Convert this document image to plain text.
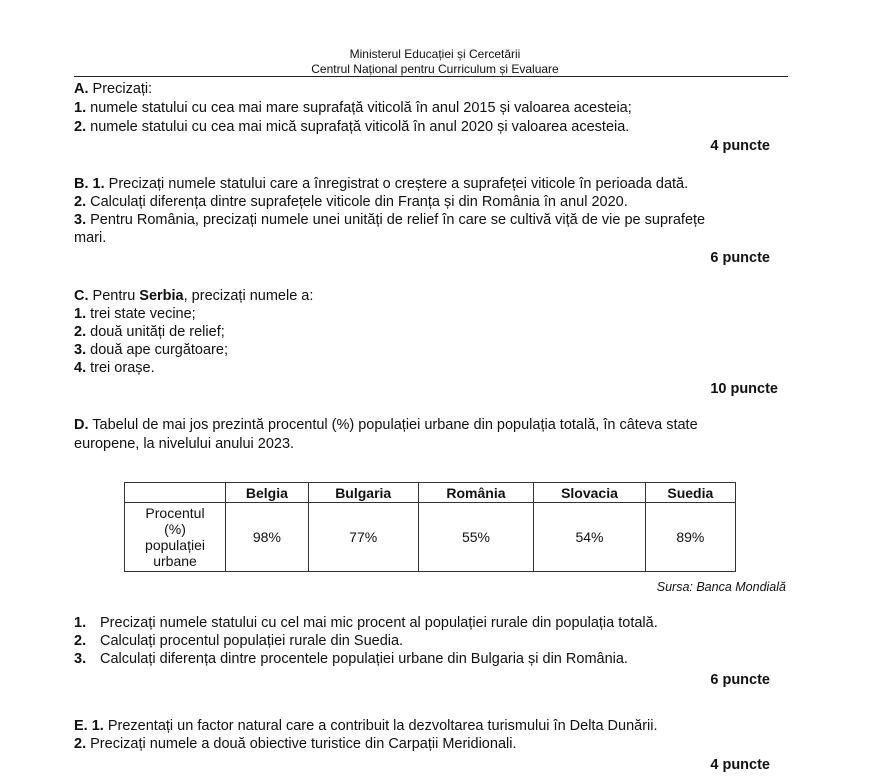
Ministerul Educației și Cercetării
Centrul Național pentru Curriculum și Evaluare
A. Precizați:
1. numele statului cu cea mai mare suprafață viticolă în anul 2015 și valoarea acesteia;
2. numele statului cu cea mai mică suprafață viticolă în anul 2020 și valoarea acesteia.
4 puncte
B. 1. Precizați numele statului care a înregistrat o creștere a suprafeței viticole în perioada dată.
2. Calculați diferența dintre suprafețele viticole din Franța și din România în anul 2020.
3. Pentru România, precizați numele unei unități de relief în care se cultivă viță de vie pe suprafețe
mari.
6 puncte
C. Pentru Serbia, precizați numele a:
1. trei state vecine;
2. două unități de relief;
3. două ape curgătoare;
4. trei orașe.
10 puncte
D. Tabelul de mai jos prezintă procentul (%) populației urbane din populația totală, în câteva state
europene, la nivelului anului 2023.
	Belgia	Bulgaria	România	Slovacia	Suedia

Procentul
(%)
populației
urbane	98%	77%	55%	54%	89%
Sursa: Banca Mondială
1. Precizați numele statului cu cel mai mic procent al populației rurale din populația totală.
2. Calculați procentul populației rurale din Suedia.
3. Calculați diferența dintre procentele populației urbane din Bulgaria și din România.
6 puncte
E. 1. Prezentați un factor natural care a contribuit la dezvoltarea turismului în Delta Dunării.
2. Precizați numele a două obiective turistice din Carpații Meridionali.
4 puncte
